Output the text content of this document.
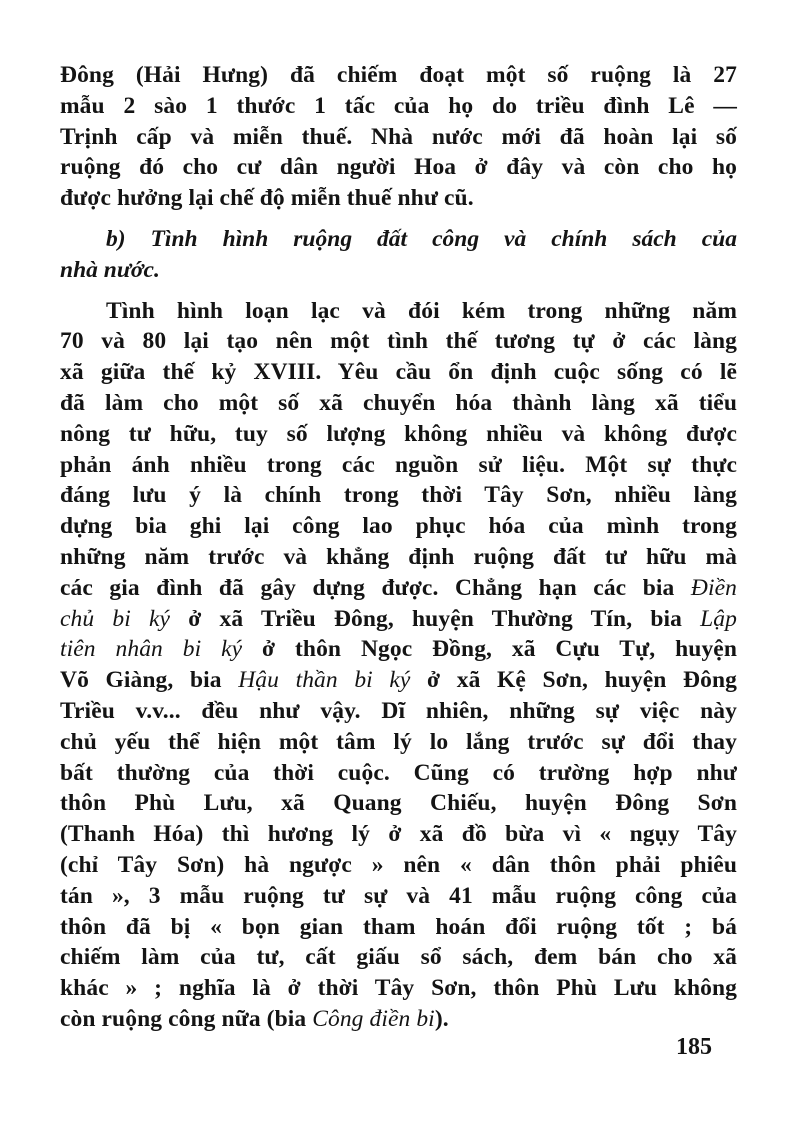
Đông (Hải Hưng) đã chiếm đoạt một số ruộng là 27
mẫu 2 sào 1 thước 1 tấc của họ do triều đình Lê —
Trịnh cấp và miễn thuế. Nhà nước mới đã hoàn lại số
ruộng đó cho cư dân người Hoa ở đây và còn cho họ
được hưởng lại chế độ miễn thuế như cũ.

b) Tình hình ruộng đất công và chính sách của
nhà nước.

Tình hình loạn lạc và đói kém trong những năm
70 và 80 lại tạo nên một tình thế tương tự ở các làng
xã giữa thế kỷ XVIII. Yêu cầu ổn định cuộc sống có lẽ
đã làm cho một số xã chuyển hóa thành làng xã tiểu
nông tư hữu, tuy số lượng không nhiều và không được
phản ánh nhiều trong các nguồn sử liệu. Một sự thực
đáng lưu ý là chính trong thời Tây Sơn, nhiều làng
dựng bia ghi lại công lao phục hóa của mình trong
những năm trước và khẳng định ruộng đất tư hữu mà
các gia đình đã gây dựng được. Chẳng hạn các bia Điền
chủ bi ký ở xã Triều Đông, huyện Thường Tín, bia Lập
tiên nhân bi ký ở thôn Ngọc Đồng, xã Cựu Tự, huyện
Võ Giàng, bia Hậu thần bi ký ở xã Kệ Sơn, huyện Đông
Triều v.v... đều như vậy. Dĩ nhiên, những sự việc này
chủ yếu thể hiện một tâm lý lo lắng trước sự đổi thay
bất thường của thời cuộc. Cũng có trường hợp như
thôn Phù Lưu, xã Quang Chiếu, huyện Đông Sơn
(Thanh Hóa) thì hương lý ở xã đồ bừa vì « ngụy Tây
(chỉ Tây Sơn) hà ngược » nên « dân thôn phải phiêu
tán », 3 mẫu ruộng tư sự và 41 mẫu ruộng công của
thôn đã bị « bọn gian tham hoán đổi ruộng tốt ; bá
chiếm làm của tư, cất giấu sổ sách, đem bán cho xã
khác » ; nghĩa là ở thời Tây Sơn, thôn Phù Lưu không
còn ruộng công nữa (bia Công điền bi).

185
